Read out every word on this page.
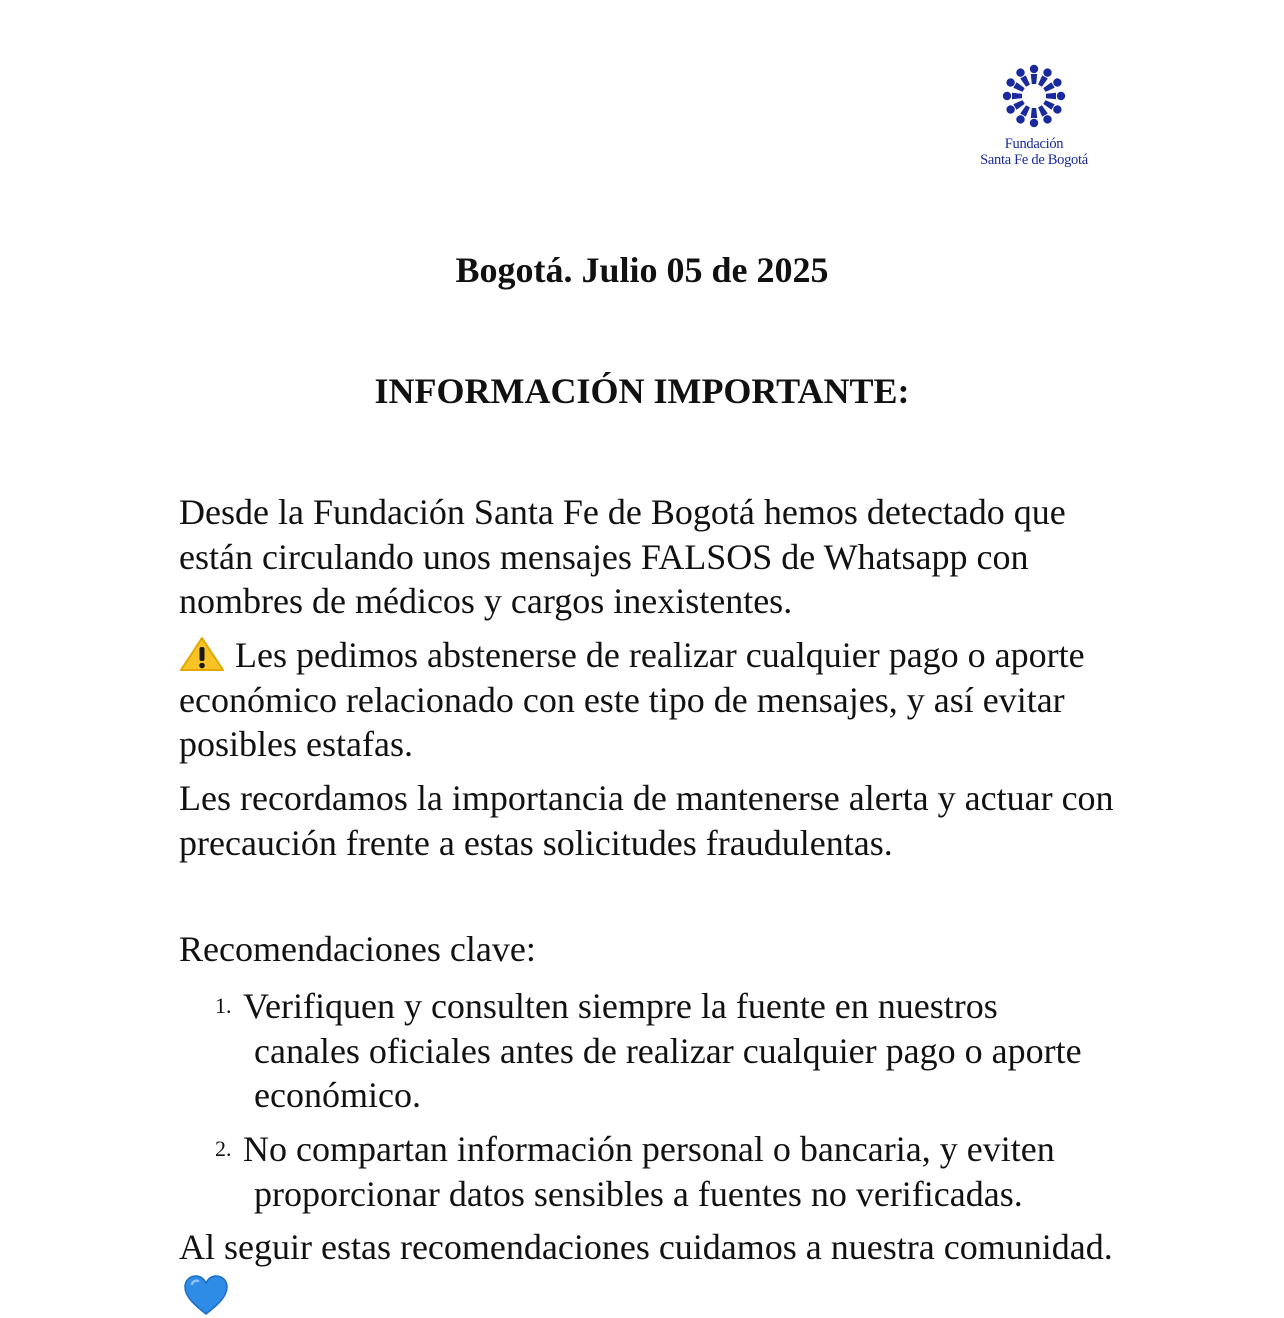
Fundación
Santa Fe de Bogotá
Bogotá. Julio 05 de 2025
INFORMACIÓN IMPORTANTE:

Desde la Fundación Santa Fe de Bogotá hemos detectado que están circulando unos mensajes FALSOS de Whatsapp con nombres de médicos y cargos inexistentes.

Les pedimos abstenerse de realizar cualquier pago o aporte económico relacionado con este tipo de mensajes, y así evitar posibles estafas.

Les recordamos la importancia de mantenerse alerta y actuar con precaución frente a estas solicitudes fraudulentas.

Recomendaciones clave:

1. Verifiquen y consulten siempre la fuente en nuestros
canales oficiales antes de realizar cualquier pago o aporte económico.
2. No compartan información personal o bancaria, y eviten
proporcionar datos sensibles a fuentes no verificadas.

Al seguir estas recomendaciones cuidamos a nuestra comunidad.
